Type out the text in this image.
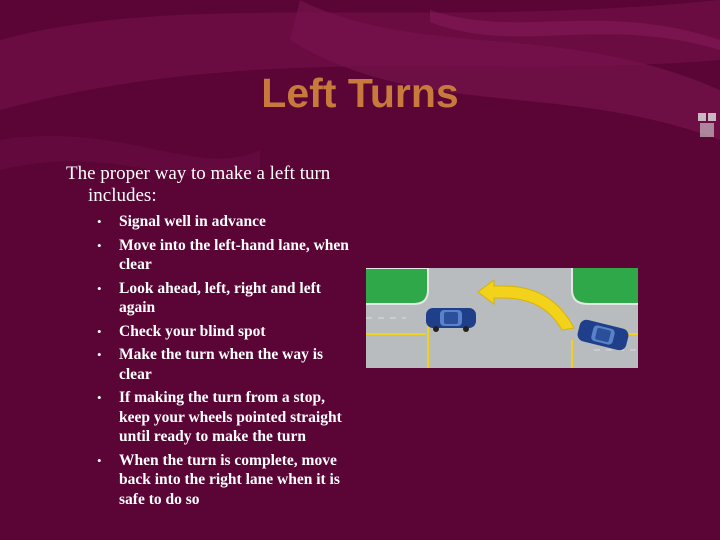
Left Turns
The proper way to make a left turn includes:
• Signal well in advance
• Move into the left-hand lane, when clear
• Look ahead, left, right and left again
• Check your blind spot
• Make the turn when the way is clear
• If making the turn from a stop, keep your wheels pointed straight until ready to make the turn
• When the turn is complete, move back into the right lane when it is safe to do so
